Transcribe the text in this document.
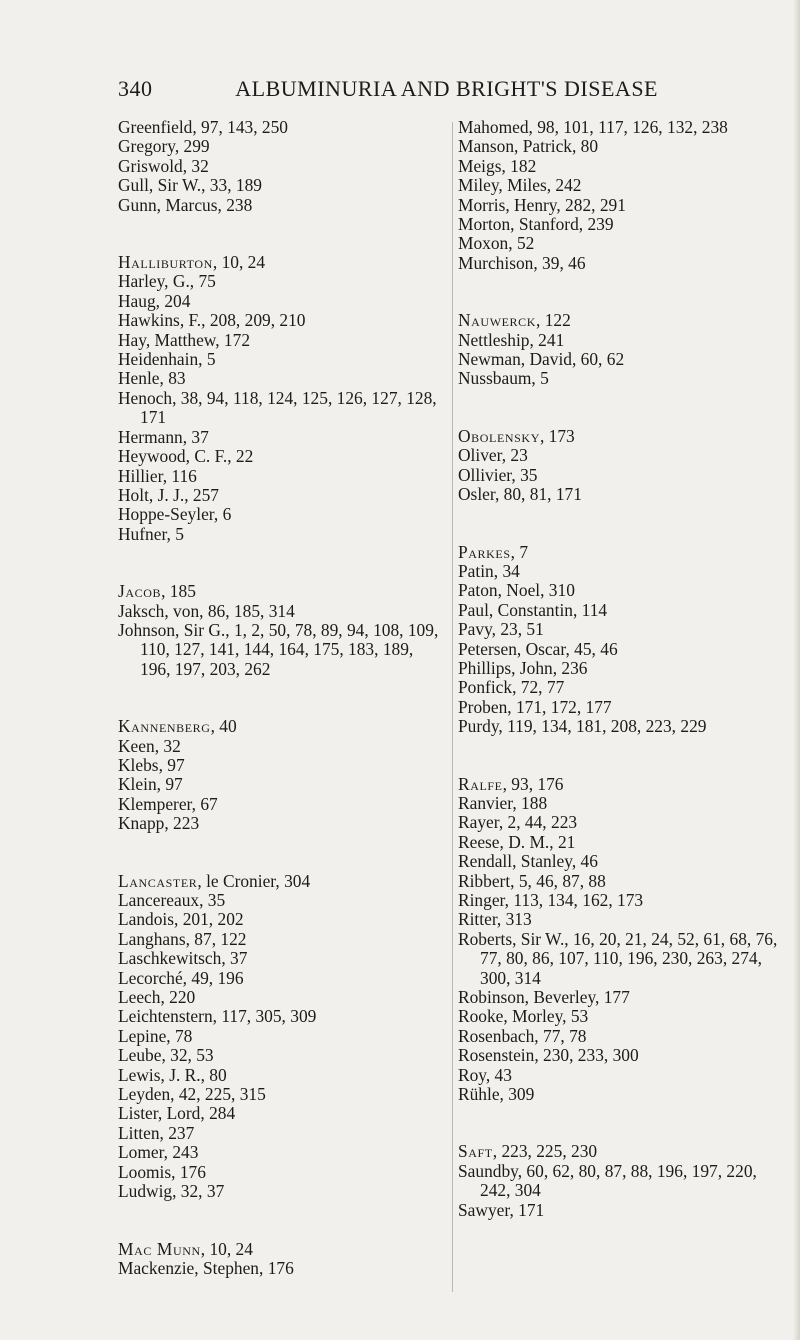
340	ALBUMINURIA AND BRIGHT'S DISEASE
Greenfield, 97, 143, 250
Gregory, 299
Griswold, 32
Gull, Sir W., 33, 189
Gunn, Marcus, 238
Halliburton, 10, 24
Harley, G., 75
Haug, 204
Hawkins, F., 208, 209, 210
Hay, Matthew, 172
Heidenhain, 5
Henle, 83
Henoch, 38, 94, 118, 124, 125, 126, 127, 128, 171
Hermann, 37
Heywood, C. F., 22
Hillier, 116
Holt, J. J., 257
Hoppe-Seyler, 6
Hufner, 5
Jacob, 185
Jaksch, von, 86, 185, 314
Johnson, Sir G., 1, 2, 50, 78, 89, 94, 108, 109, 110, 127, 141, 144, 164, 175, 183, 189, 196, 197, 203, 262
Kannenberg, 40
Keen, 32
Klebs, 97
Klein, 97
Klemperer, 67
Knapp, 223
Lancaster, le Cronier, 304
Lancereaux, 35
Landois, 201, 202
Langhans, 87, 122
Laschkewitsch, 37
Lecorché, 49, 196
Leech, 220
Leichtenstern, 117, 305, 309
Lepine, 78
Leube, 32, 53
Lewis, J. R., 80
Leyden, 42, 225, 315
Lister, Lord, 284
Litten, 237
Lomer, 243
Loomis, 176
Ludwig, 32, 37
Mac Munn, 10, 24
Mackenzie, Stephen, 176
Mahomed, 98, 101, 117, 126, 132, 238
Manson, Patrick, 80
Meigs, 182
Miley, Miles, 242
Morris, Henry, 282, 291
Morton, Stanford, 239
Moxon, 52
Murchison, 39, 46
Nauwerck, 122
Nettleship, 241
Newman, David, 60, 62
Nussbaum, 5
Obolensky, 173
Oliver, 23
Ollivier, 35
Osler, 80, 81, 171
Parkes, 7
Patin, 34
Paton, Noel, 310
Paul, Constantin, 114
Pavy, 23, 51
Petersen, Oscar, 45, 46
Phillips, John, 236
Ponfick, 72, 77
Proben, 171, 172, 177
Purdy, 119, 134, 181, 208, 223, 229
Ralfe, 93, 176
Ranvier, 188
Rayer, 2, 44, 223
Reese, D. M., 21
Rendall, Stanley, 46
Ribbert, 5, 46, 87, 88
Ringer, 113, 134, 162, 173
Ritter, 313
Roberts, Sir W., 16, 20, 21, 24, 52, 61, 68, 76, 77, 80, 86, 107, 110, 196, 230, 263, 274, 300, 314
Robinson, Beverley, 177
Rooke, Morley, 53
Rosenbach, 77, 78
Rosenstein, 230, 233, 300
Roy, 43
Rühle, 309
Saft, 223, 225, 230
Saundby, 60, 62, 80, 87, 88, 196, 197, 220, 242, 304
Sawyer, 171
